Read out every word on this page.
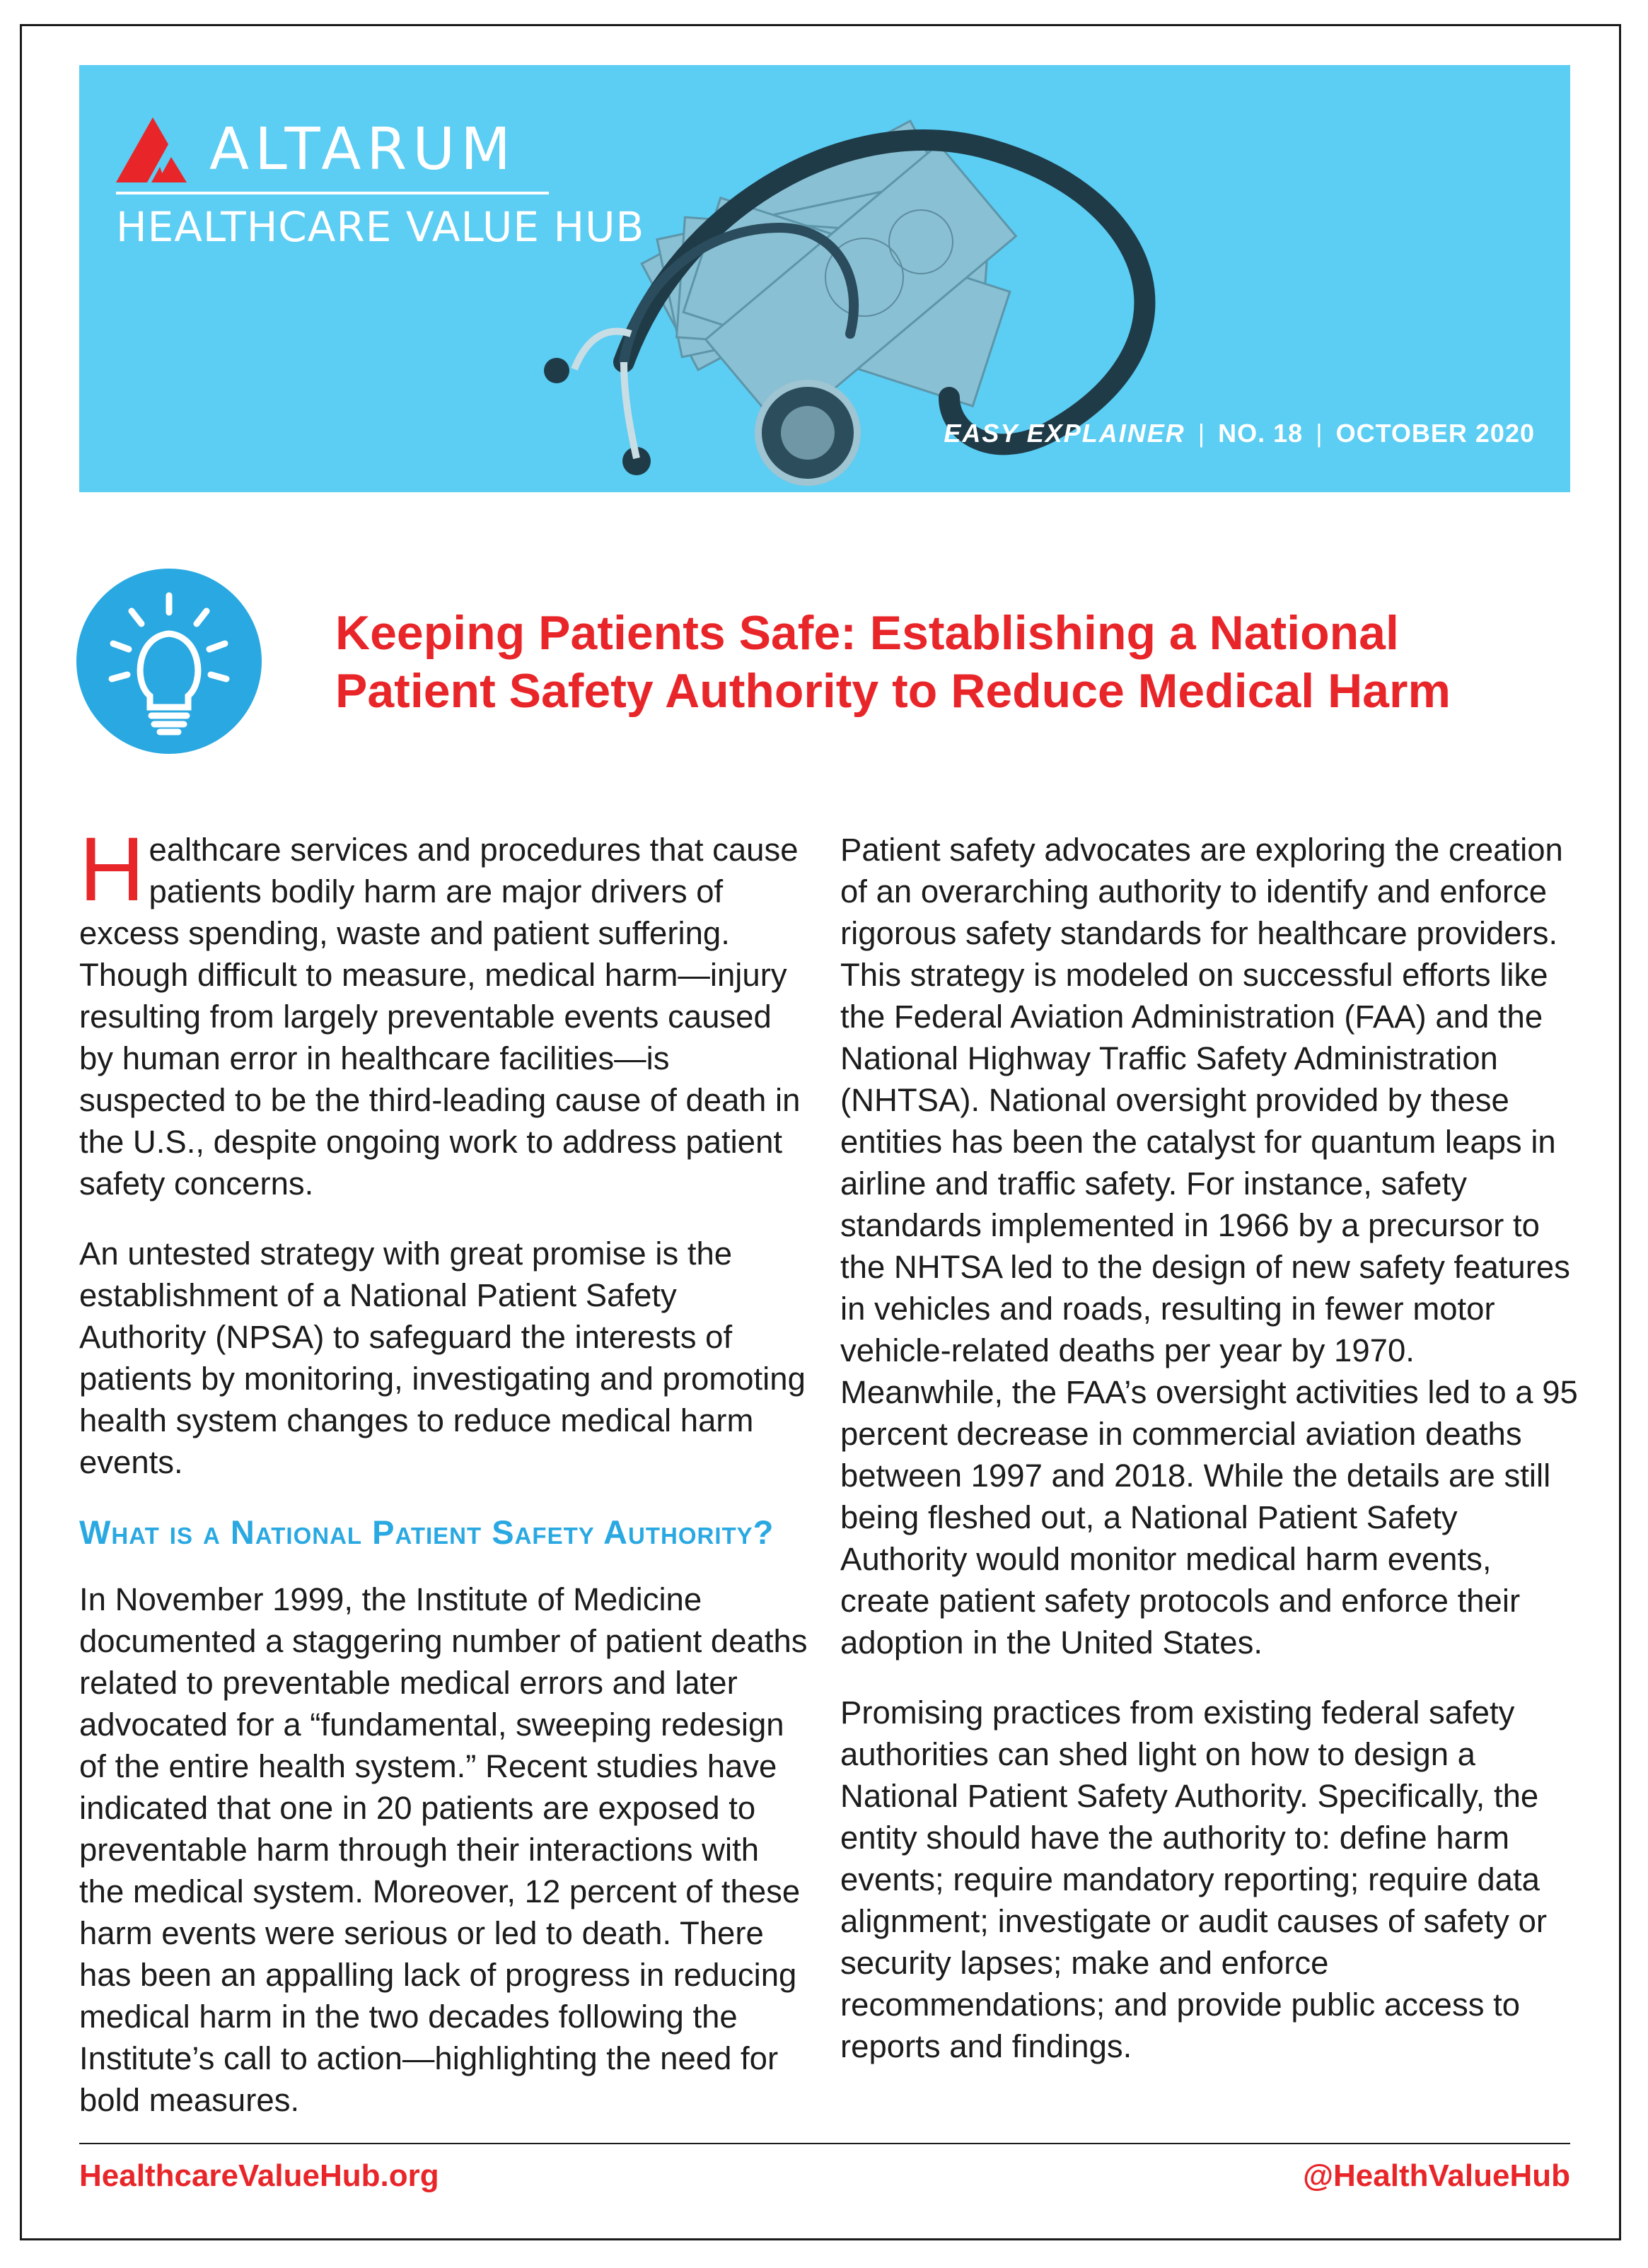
ALTARUM
HEALTHCARE VALUE HUB
EASY EXPLAINER | NO. 18 | OCTOBER 2020
Keeping Patients Safe: Establishing a National Patient Safety Authority to Reduce Medical Harm

Healthcare services and procedures that cause patients bodily harm are major drivers of excess spending, waste and patient suffering. Though difficult to measure, medical harm—injury resulting from largely preventable events caused by human error in healthcare facilities—is suspected to be the third-leading cause of death in the U.S., despite ongoing work to address patient safety concerns.

An untested strategy with great promise is the establishment of a National Patient Safety Authority (NPSA) to safeguard the interests of patients by monitoring, investigating and promoting health system changes to reduce medical harm events.

What is a National Patient Safety Authority?

In November 1999, the Institute of Medicine documented a staggering number of patient deaths related to preventable medical errors and later advocated for a “fundamental, sweeping redesign of the entire health system.” Recent studies have indicated that one in 20 patients are exposed to preventable harm through their interactions with the medical system. Moreover, 12 percent of these harm events were serious or led to death. There has been an appalling lack of progress in reducing medical harm in the two decades following the Institute’s call to action—highlighting the need for bold measures.

Patient safety advocates are exploring the creation of an overarching authority to identify and enforce rigorous safety standards for healthcare providers. This strategy is modeled on successful efforts like the Federal Aviation Administration (FAA) and the National Highway Traffic Safety Administration (NHTSA). National oversight provided by these entities has been the catalyst for quantum leaps in airline and traffic safety. For instance, safety standards implemented in 1966 by a precursor to the NHTSA led to the design of new safety features in vehicles and roads, resulting in fewer motor vehicle-related deaths per year by 1970. Meanwhile, the FAA’s oversight activities led to a 95 percent decrease in commercial aviation deaths between 1997 and 2018. While the details are still being fleshed out, a National Patient Safety Authority would monitor medical harm events, create patient safety protocols and enforce their adoption in the United States.

Promising practices from existing federal safety authorities can shed light on how to design a National Patient Safety Authority. Specifically, the entity should have the authority to: define harm events; require mandatory reporting; require data alignment; investigate or audit causes of safety or security lapses; make and enforce recommendations; and provide public access to reports and findings.

HealthcareValueHub.org	@HealthValueHub
